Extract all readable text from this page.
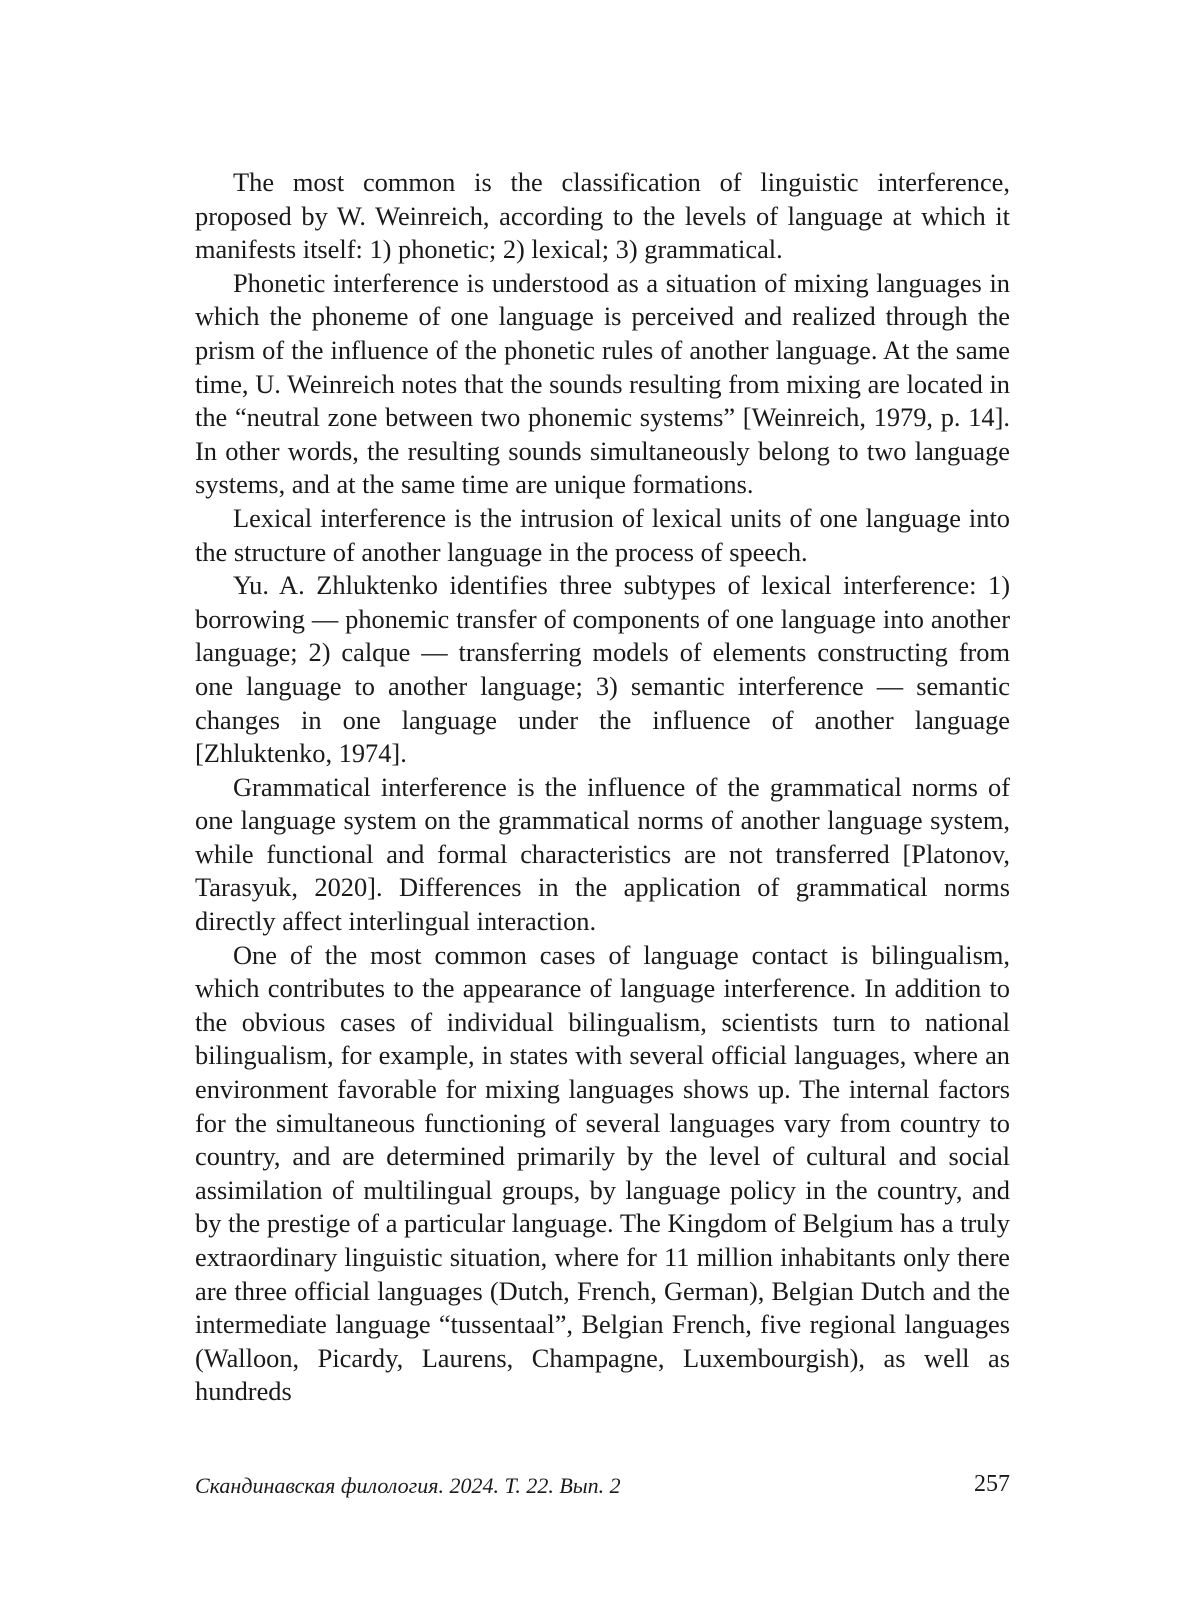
The most common is the classification of linguistic interference, proposed by W. Weinreich, according to the levels of language at which it manifests itself: 1) phonetic; 2) lexical; 3) grammatical.

Phonetic interference is understood as a situation of mixing languages in which the phoneme of one language is perceived and realized through the prism of the influence of the phonetic rules of another language. At the same time, U. Weinreich notes that the sounds resulting from mixing are located in the “neutral zone between two phonemic systems” [Weinreich, 1979, p. 14]. In other words, the resulting sounds simultaneously belong to two language systems, and at the same time are unique formations.

Lexical interference is the intrusion of lexical units of one language into the structure of another language in the process of speech.

Yu. A. Zhluktenko identifies three subtypes of lexical interference: 1) borrowing — phonemic transfer of components of one language into another language; 2) calque — transferring models of elements constructing from one language to another language; 3) semantic interference — semantic changes in one language under the influence of another language [Zhluktenko, 1974].

Grammatical interference is the influence of the grammatical norms of one language system on the grammatical norms of another language system, while functional and formal characteristics are not transferred [Platonov, Tarasyuk, 2020]. Differences in the application of grammatical norms directly affect interlingual interaction.

One of the most common cases of language contact is bilingualism, which contributes to the appearance of language interference. In addition to the obvious cases of individual bilingualism, scientists turn to national bilingualism, for example, in states with several official languages, where an environment favorable for mixing languages shows up. The internal factors for the simultaneous functioning of several languages vary from country to country, and are determined primarily by the level of cultural and social assimilation of multilingual groups, by language policy in the country, and by the prestige of a particular language. The Kingdom of Belgium has a truly extraordinary linguistic situation, where for 11 million inhabitants only there are three official languages (Dutch, French, German), Belgian Dutch and the intermediate language “tussentaal”, Belgian French, five regional languages (Walloon, Picardy, Laurens, Champagne, Luxembourgish), as well as hundreds

Скандинавская филология. 2024. Т. 22. Вып. 2	257
